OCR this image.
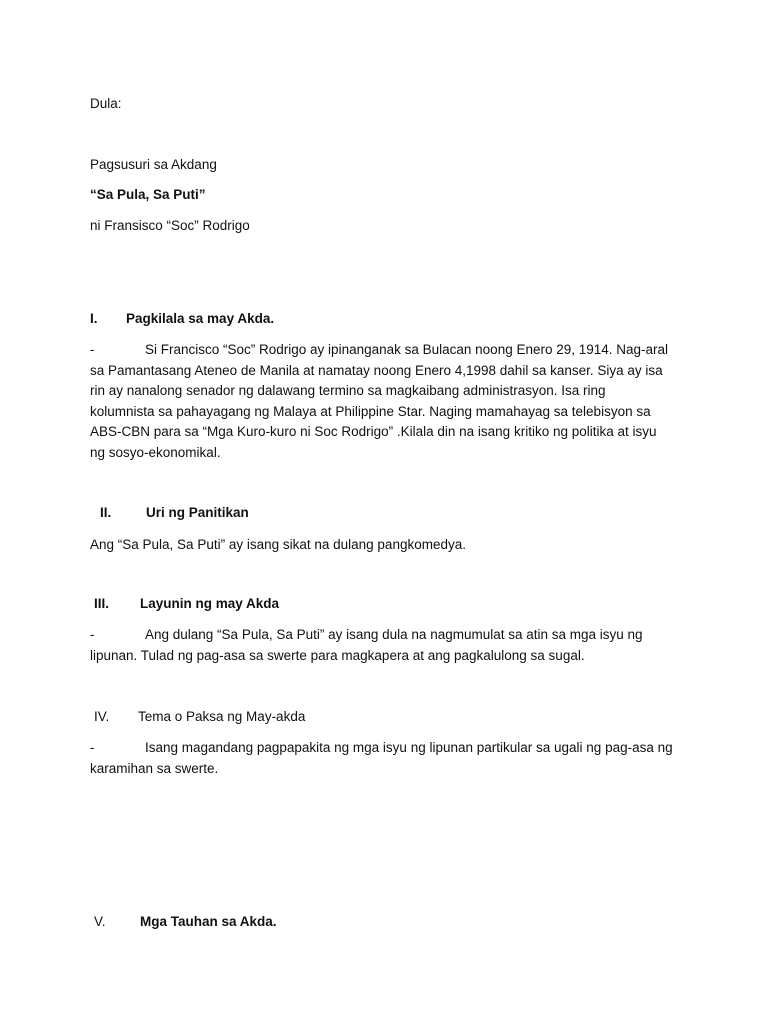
Dula:
Pagsusuri sa Akdang
“Sa Pula, Sa Puti”
ni Fransisco “Soc” Rodrigo
I. Pagkilala sa may Akda.
-	Si Francisco “Soc” Rodrigo ay ipinanganak sa Bulacan noong Enero 29, 1914. Nag-aral
sa Pamantasang Ateneo de Manila at namatay noong Enero 4,1998 dahil sa kanser. Siya ay isa
rin ay nanalong senador ng dalawang termino sa magkaibang administrasyon. Isa ring
kolumnista sa pahayagang ng Malaya at Philippine Star. Naging mamahayag sa telebisyon sa
ABS-CBN para sa “Mga Kuro-kuro ni Soc Rodrigo” .Kilala din na isang kritiko ng politika at isyu
ng sosyo-ekonomikal.
II.	Uri ng Panitikan
Ang “Sa Pula, Sa Puti” ay isang sikat na dulang pangkomedya.
III. Layunin ng may Akda
-	Ang dulang “Sa Pula, Sa Puti” ay isang dula na nagmumulat sa atin sa mga isyu ng
lipunan. Tulad ng pag-asa sa swerte para magkapera at ang pagkalulong sa sugal.
IV. Tema o Paksa ng May-akda
-	Isang magandang pagpapakita ng mga isyu ng lipunan partikular sa ugali ng pag-asa ng
karamihan sa swerte.
V.	Mga Tauhan sa Akda.
